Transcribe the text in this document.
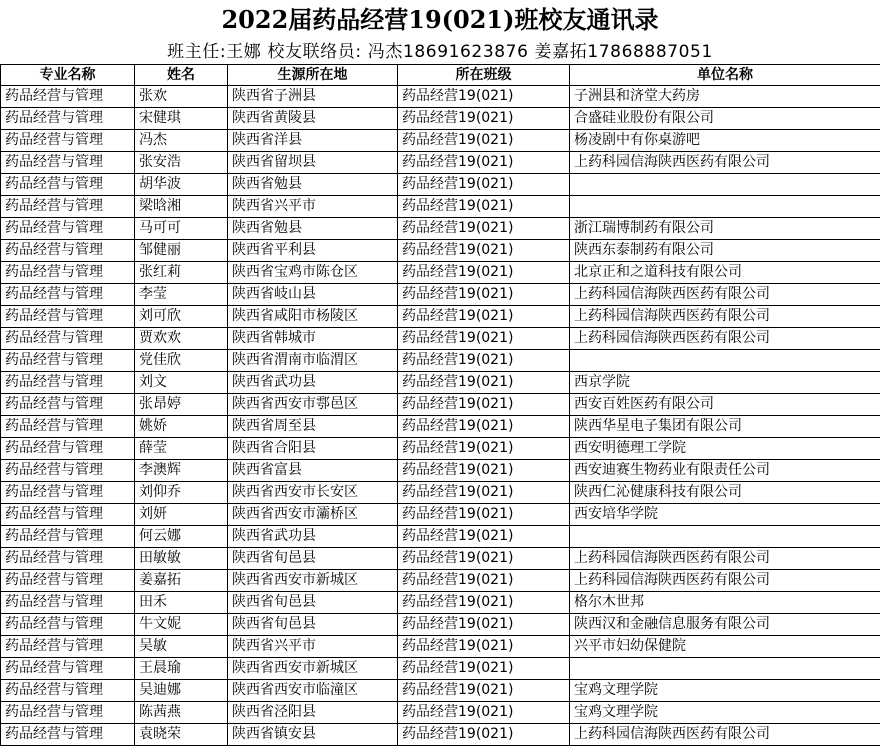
2022届药品经营19(021)班校友通讯录
班主任:王娜 校友联络员: 冯杰18691623876 姜嘉拓17868887051
专业名称	姓名	生源所在地	所在班级	单位名称
药品经营与管理	张欢	陕西省子洲县	药品经营19(021)	子洲县和济堂大药房
药品经营与管理	宋健琪	陕西省黄陵县	药品经营19(021)	合盛硅业股份有限公司
药品经营与管理	冯杰	陕西省洋县	药品经营19(021)	杨凌剧中有你桌游吧
药品经营与管理	张安浩	陕西省留坝县	药品经营19(021)	上药科园信海陕西医药有限公司
药品经营与管理	胡华波	陕西省勉县	药品经营19(021)	
药品经营与管理	梁晗湘	陕西省兴平市	药品经营19(021)	
药品经营与管理	马可可	陕西省勉县	药品经营19(021)	浙江瑞博制药有限公司
药品经营与管理	邹健丽	陕西省平利县	药品经营19(021)	陕西东泰制药有限公司
药品经营与管理	张红莉	陕西省宝鸡市陈仓区	药品经营19(021)	北京正和之道科技有限公司
药品经营与管理	李莹	陕西省岐山县	药品经营19(021)	上药科园信海陕西医药有限公司
药品经营与管理	刘可欣	陕西省咸阳市杨陵区	药品经营19(021)	上药科园信海陕西医药有限公司
药品经营与管理	贾欢欢	陕西省韩城市	药品经营19(021)	上药科园信海陕西医药有限公司
药品经营与管理	党佳欣	陕西省渭南市临渭区	药品经营19(021)	
药品经营与管理	刘文	陕西省武功县	药品经营19(021)	西京学院
药品经营与管理	张昂婷	陕西省西安市鄠邑区	药品经营19(021)	西安百姓医药有限公司
药品经营与管理	姚娇	陕西省周至县	药品经营19(021)	陕西华星电子集团有限公司
药品经营与管理	薛莹	陕西省合阳县	药品经营19(021)	西安明德理工学院
药品经营与管理	李澳辉	陕西省富县	药品经营19(021)	西安迪赛生物药业有限责任公司
药品经营与管理	刘仰乔	陕西省西安市长安区	药品经营19(021)	陕西仁沁健康科技有限公司
药品经营与管理	刘妍	陕西省西安市灞桥区	药品经营19(021)	西安培华学院
药品经营与管理	何云娜	陕西省武功县	药品经营19(021)	
药品经营与管理	田敏敏	陕西省旬邑县	药品经营19(021)	上药科园信海陕西医药有限公司
药品经营与管理	姜嘉拓	陕西省西安市新城区	药品经营19(021)	上药科园信海陕西医药有限公司
药品经营与管理	田禾	陕西省旬邑县	药品经营19(021)	格尔木世邦
药品经营与管理	牛文妮	陕西省旬邑县	药品经营19(021)	陕西汉和金融信息服务有限公司
药品经营与管理	吴敏	陕西省兴平市	药品经营19(021)	兴平市妇幼保健院
药品经营与管理	王晨瑜	陕西省西安市新城区	药品经营19(021)	
药品经营与管理	吴迪娜	陕西省西安市临潼区	药品经营19(021)	宝鸡文理学院
药品经营与管理	陈茜燕	陕西省泾阳县	药品经营19(021)	宝鸡文理学院
药品经营与管理	袁晓荣	陕西省镇安县	药品经营19(021)	上药科园信海陕西医药有限公司
